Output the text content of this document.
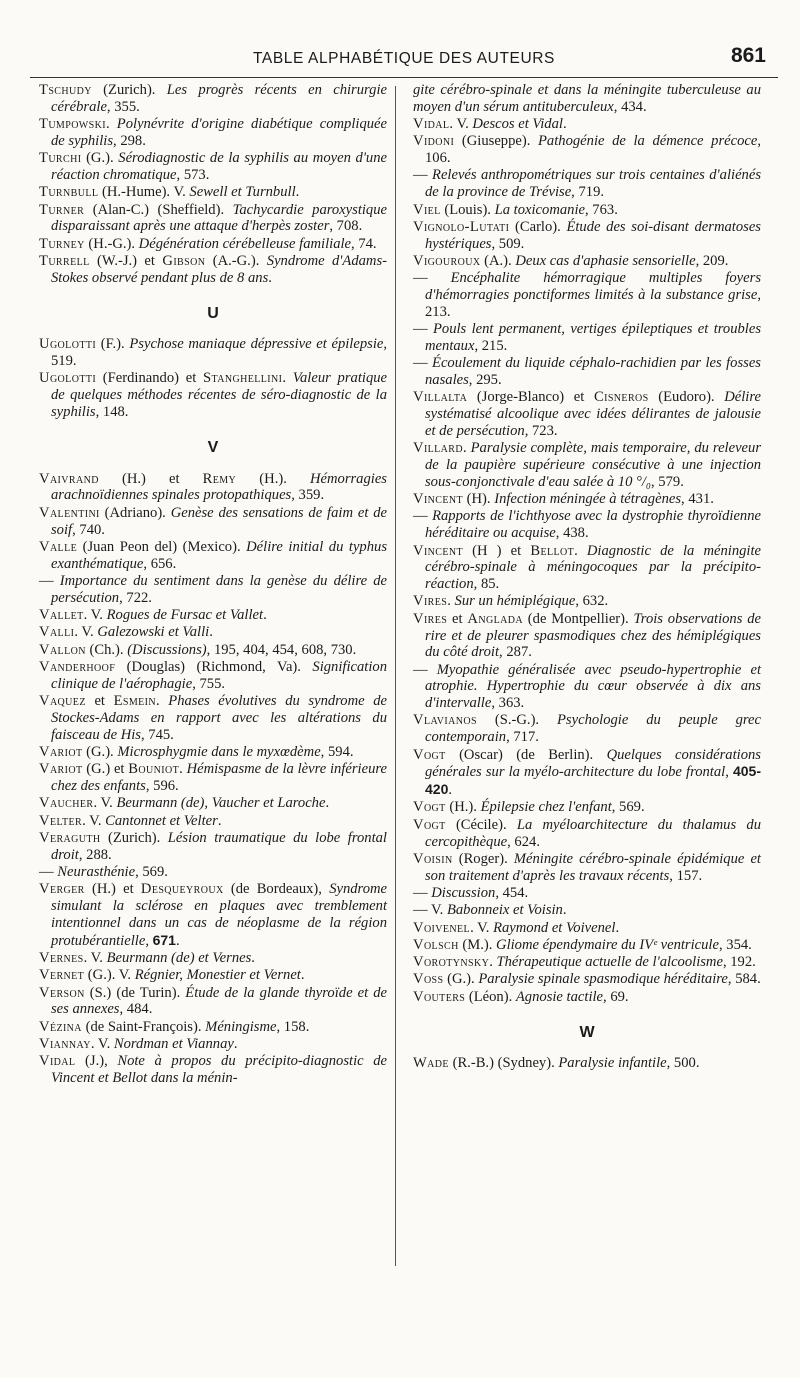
TABLE ALPHABÉTIQUE DES AUTEURS	861

Tschudy (Zurich). Les progrès récents en chirurgie cérébrale, 355.

Tumpowski. Polynévrite d'origine diabétique compliquée de syphilis, 298.

Turchi (G.). Sérodiagnostic de la syphilis au moyen d'une réaction chromatique, 573.

Turnbull (H.-Hume). V. Sewell et Turnbull.

Turner (Alan-C.) (Sheffield). Tachycardie paroxystique disparaissant après une attaque d'herpès zoster, 708.

Turney (H.-G.). Dégénération cérébelleuse familiale, 74.

Turrell (W.-J.) et Gibson (A.-G.). Syndrome d'Adams-Stokes observé pendant plus de 8 ans.

U

Ugolotti (F.). Psychose maniaque dépressive et épilepsie, 519.

Ugolotti (Ferdinando) et Stanghellini. Valeur pratique de quelques méthodes récentes de séro-diagnostic de la syphilis, 148.

V

Vaivrand (H.) et Remy (H.). Hémorragies arachnoïdiennes spinales protopathiques, 359.

Valentini (Adriano). Genèse des sensations de faim et de soif, 740.

Valle (Juan Peon del) (Mexico). Délire initial du typhus exanthématique, 656.

— Importance du sentiment dans la genèse du délire de persécution, 722.

Vallet. V. Rogues de Fursac et Vallet.

Valli. V. Galezowski et Valli.

Vallon (Ch.). (Discussions), 195, 404, 454, 608, 730.

Vanderhoof (Douglas) (Richmond, Va). Signification clinique de l'aérophagie, 755.

Vaquez et Esmein. Phases évolutives du syndrome de Stockes-Adams en rapport avec les altérations du faisceau de His, 745.

Variot (G.). Microsphygmie dans le myxœdème, 594.

Variot (G.) et Bouniot. Hémispasme de la lèvre inférieure chez des enfants, 596.

Vaucher. V. Beurmann (de), Vaucher et Laroche.

Velter. V. Cantonnet et Velter.

Veraguth (Zurich). Lésion traumatique du lobe frontal droit, 288.

— Neurasthénie, 569.

Verger (H.) et Desqueyroux (de Bordeaux), Syndrome simulant la sclérose en plaques avec tremblement intentionnel dans un cas de néoplasme de la région protubérantielle, 671.

Vernes. V. Beurmann (de) et Vernes.

Vernet (G.). V. Régnier, Monestier et Vernet.

Verson (S.) (de Turin). Étude de la glande thyroïde et de ses annexes, 484.

Vézina (de Saint-François). Méningisme, 158.

Viannay. V. Nordman et Viannay.

Vidal (J.), Note à propos du précipito-diagnostic de Vincent et Bellot dans la ménin-

gite cérébro-spinale et dans la méningite tuberculeuse au moyen d'un sérum antituberculeux, 434.

Vidal. V. Descos et Vidal.

Vidoni (Giuseppe). Pathogénie de la démence précoce, 106.

— Relevés anthropométriques sur trois centaines d'aliénés de la province de Trévise, 719.

Viel (Louis). La toxicomanie, 763.

Vignolo-Lutati (Carlo). Étude des soi-disant dermatoses hystériques, 509.

Vigouroux (A.). Deux cas d'aphasie sensorielle, 209.

— Encéphalite hémorragique multiples foyers d'hémorragies ponctiformes limités à la substance grise, 213.

— Pouls lent permanent, vertiges épileptiques et troubles mentaux, 215.

— Écoulement du liquide céphalo-rachidien par les fosses nasales, 295.

Villalta (Jorge-Blanco) et Cisneros (Eudoro). Délire systématisé alcoolique avec idées délirantes de jalousie et de persécution, 723.

Villard. Paralysie complète, mais temporaire, du releveur de la paupière supérieure consécutive à une injection sous-conjonctivale d'eau salée à 10 °/₀, 579.

Vincent (H). Infection méningée à tétragènes, 431.

— Rapports de l'ichthyose avec la dystrophie thyroïdienne héréditaire ou acquise, 438.

Vincent (H ) et Bellot. Diagnostic de la méningite cérébro-spinale à méningocoques par la précipito-réaction, 85.

Vires. Sur un hémiplégique, 632.

Vires et Anglada (de Montpellier). Trois observations de rire et de pleurer spasmodiques chez des hémiplégiques du côté droit, 287.

— Myopathie généralisée avec pseudo-hypertrophie et atrophie. Hypertrophie du cœur observée à dix ans d'intervalle, 363.

Vlavianos (S.-G.). Psychologie du peuple grec contemporain, 717.

Vogt (Oscar) (de Berlin). Quelques considérations générales sur la myélo-architecture du lobe frontal, 405-420.

Vogt (H.). Épilepsie chez l'enfant, 569.

Vogt (Cécile). La myéloarchitecture du thalamus du cercopithèque, 624.

Voisin (Roger). Méningite cérébro-spinale épidémique et son traitement d'après les travaux récents, 157.

— Discussion, 454.

— V. Babonneix et Voisin.

Voivenel. V. Raymond et Voivenel.

Volsch (M.). Gliome épendymaire du IVᵉ ventricule, 354.

Vorotynsky. Thérapeutique actuelle de l'alcoolisme, 192.

Voss (G.). Paralysie spinale spasmodique héréditaire, 584.

Vouters (Léon). Agnosie tactile, 69.

W

Wade (R.-B.) (Sydney). Paralysie infantile, 500.
